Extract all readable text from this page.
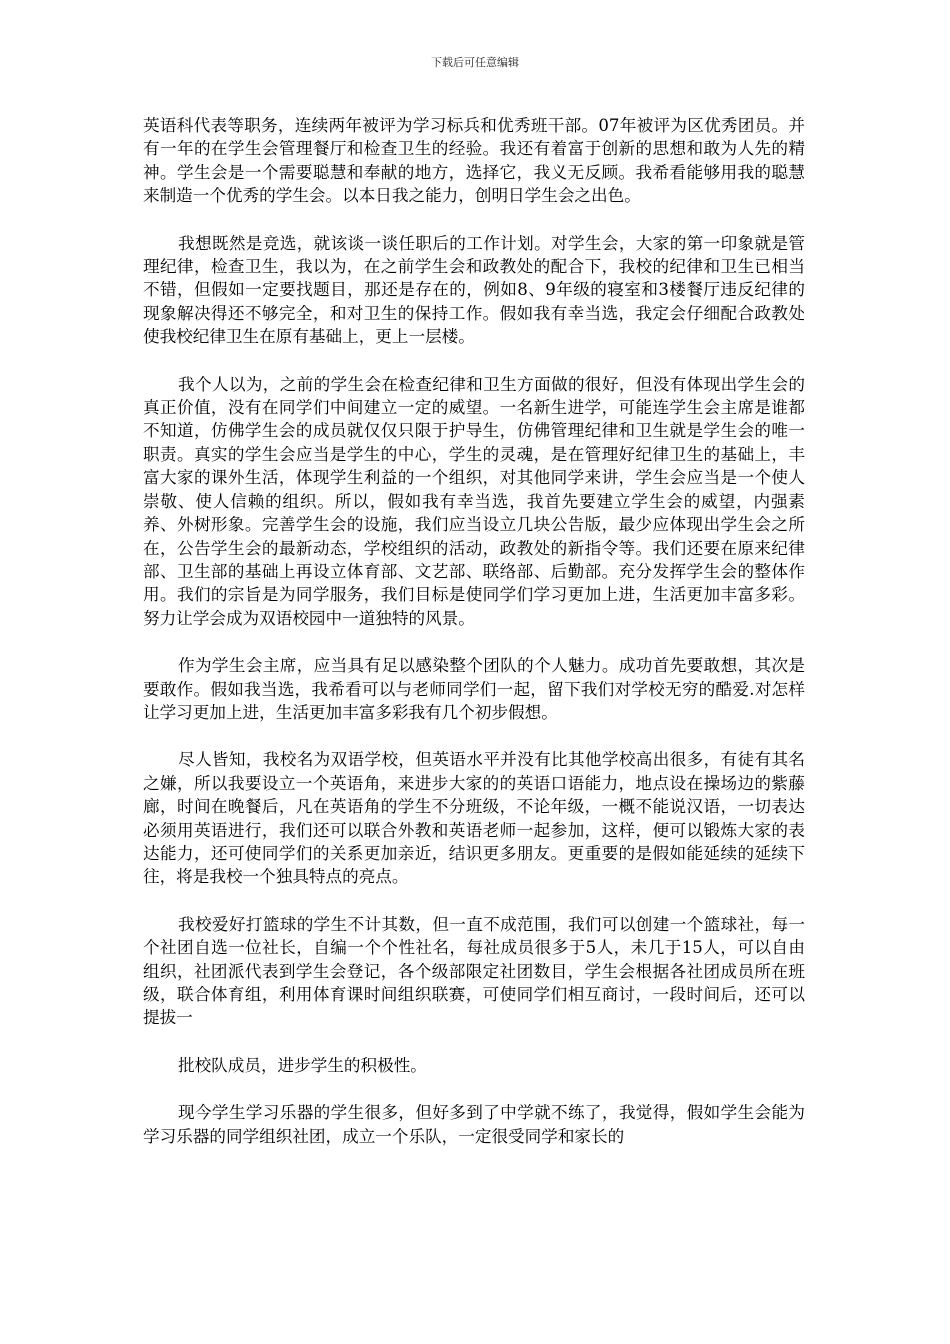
下载后可任意编辑

英语科代表等职务，连续两年被评为学习标兵和优秀班干部。07年被评为区优秀团员。并有一年的在学生会管理餐厅和检查卫生的经验。我还有着富于创新的思想和敢为人先的精神。学生会是一个需要聪慧和奉献的地方，选择它，我义无反顾。我希看能够用我的聪慧来制造一个优秀的学生会。以本日我之能力，创明日学生会之出色。

我想既然是竞选，就该谈一谈任职后的工作计划。对学生会，大家的第一印象就是管理纪律，检查卫生，我以为，在之前学生会和政教处的配合下，我校的纪律和卫生已相当不错，但假如一定要找题目，那还是存在的，例如8、9年级的寝室和3楼餐厅违反纪律的现象解决得还不够完全，和对卫生的保持工作。假如我有幸当选，我定会仔细配合政教处使我校纪律卫生在原有基础上，更上一层楼。

我个人以为，之前的学生会在检查纪律和卫生方面做的很好，但没有体现出学生会的真正价值，没有在同学们中间建立一定的威望。一名新生进学，可能连学生会主席是谁都不知道，仿佛学生会的成员就仅仅只限于护导生，仿佛管理纪律和卫生就是学生会的唯一职责。真实的学生会应当是学生的中心，学生的灵魂，是在管理好纪律卫生的基础上，丰富大家的课外生活，体现学生利益的一个组织，对其他同学来讲，学生会应当是一个使人崇敬、使人信赖的组织。所以，假如我有幸当选，我首先要建立学生会的威望，内强素养、外树形象。完善学生会的设施，我们应当设立几块公告版，最少应体现出学生会之所在，公告学生会的最新动态，学校组织的活动，政教处的新指令等。我们还要在原来纪律部、卫生部的基础上再设立体育部、文艺部、联络部、后勤部。充分发挥学生会的整体作用。我们的宗旨是为同学服务，我们目标是使同学们学习更加上进，生活更加丰富多彩。努力让学会成为双语校园中一道独特的风景。

作为学生会主席，应当具有足以感染整个团队的个人魅力。成功首先要敢想，其次是要敢作。假如我当选，我希看可以与老师同学们一起，留下我们对学校无穷的酷爱.对怎样让学习更加上进，生活更加丰富多彩我有几个初步假想。

尽人皆知，我校名为双语学校，但英语水平并没有比其他学校高出很多，有徒有其名之嫌，所以我要设立一个英语角，来进步大家的的英语口语能力，地点设在操场边的紫藤廊，时间在晚餐后，凡在英语角的学生不分班级，不论年级，一概不能说汉语，一切表达必须用英语进行，我们还可以联合外教和英语老师一起参加，这样，便可以锻炼大家的表达能力，还可使同学们的关系更加亲近，结识更多朋友。更重要的是假如能延续的延续下往，将是我校一个独具特点的亮点。

我校爱好打篮球的学生不计其数，但一直不成范围，我们可以创建一个篮球社，每一个社团自选一位社长，自编一个个性社名，每社成员很多于5人，未几于15人，可以自由组织，社团派代表到学生会登记，各个级部限定社团数目，学生会根据各社团成员所在班级，联合体育组，利用体育课时间组织联赛，可使同学们相互商讨，一段时间后，还可以提拔一

批校队成员，进步学生的积极性。

现今学生学习乐器的学生很多，但好多到了中学就不练了，我觉得，假如学生会能为学习乐器的同学组织社团，成立一个乐队，一定很受同学和家长的
